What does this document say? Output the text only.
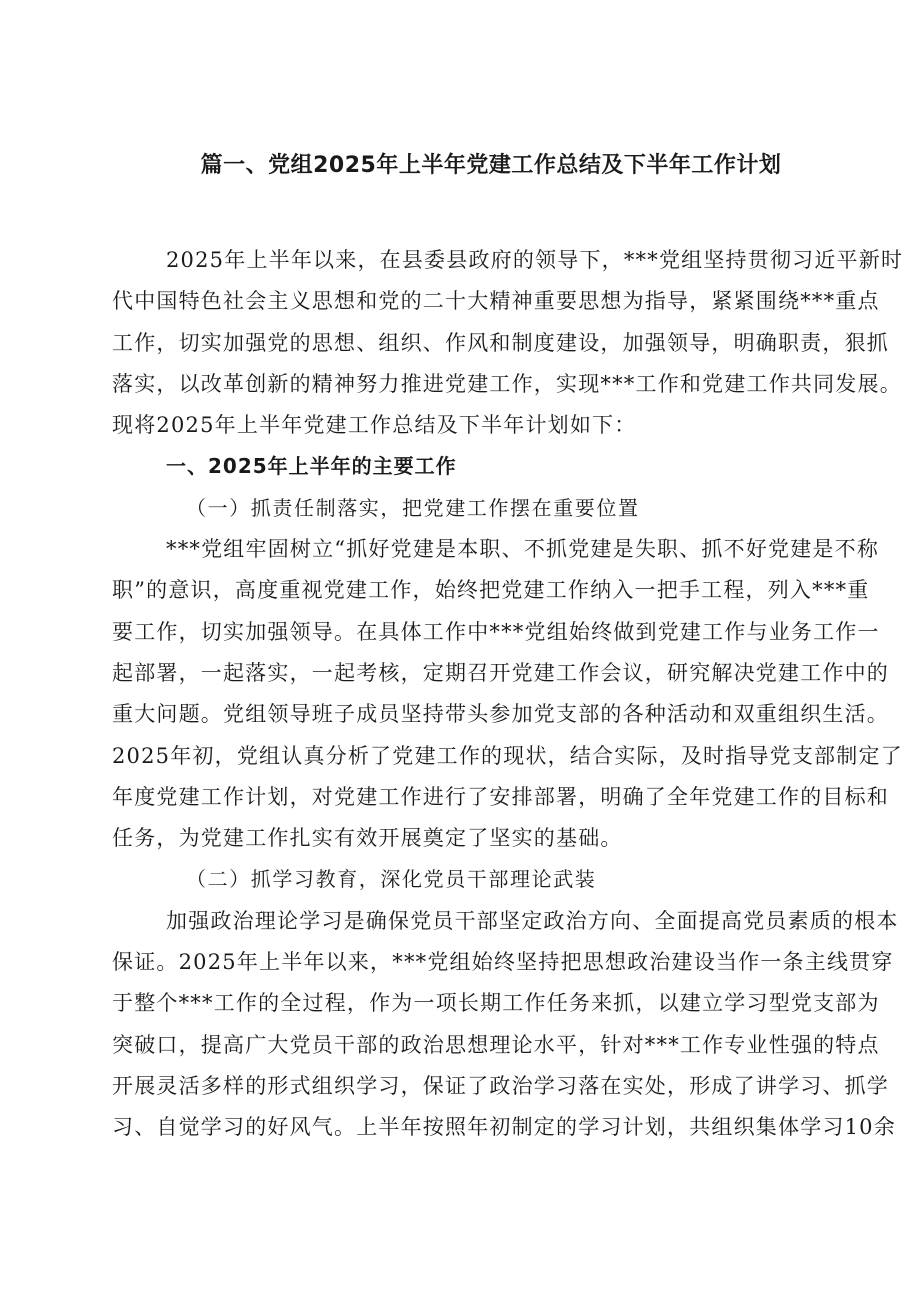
篇一、党组2025年上半年党建工作总结及下半年工作计划
2025年上半年以来，在县委县政府的领导下，***党组坚持贯彻习近平新时
代中国特色社会主义思想和党的二十大精神重要思想为指导，紧紧围绕***重点
工作，切实加强党的思想、组织、作风和制度建设，加强领导，明确职责，狠抓
落实，以改革创新的精神努力推进党建工作，实现***工作和党建工作共同发展。
现将2025年上半年党建工作总结及下半年计划如下：
一、2025年上半年的主要工作
（一）抓责任制落实，把党建工作摆在重要位置
***党组牢固树立“抓好党建是本职、不抓党建是失职、抓不好党建是不称
职”的意识，高度重视党建工作，始终把党建工作纳入一把手工程，列入***重
要工作，切实加强领导。在具体工作中***党组始终做到党建工作与业务工作一
起部署，一起落实，一起考核，定期召开党建工作会议，研究解决党建工作中的
重大问题。党组领导班子成员坚持带头参加党支部的各种活动和双重组织生活。
2025年初，党组认真分析了党建工作的现状，结合实际，及时指导党支部制定了
年度党建工作计划，对党建工作进行了安排部署，明确了全年党建工作的目标和
任务，为党建工作扎实有效开展奠定了坚实的基础。
（二）抓学习教育，深化党员干部理论武装
加强政治理论学习是确保党员干部坚定政治方向、全面提高党员素质的根本
保证。2025年上半年以来，***党组始终坚持把思想政治建设当作一条主线贯穿
于整个***工作的全过程，作为一项长期工作任务来抓，以建立学习型党支部为
突破口，提高广大党员干部的政治思想理论水平，针对***工作专业性强的特点
开展灵活多样的形式组织学习，保证了政治学习落在实处，形成了讲学习、抓学
习、自觉学习的好风气。上半年按照年初制定的学习计划，共组织集体学习10余
